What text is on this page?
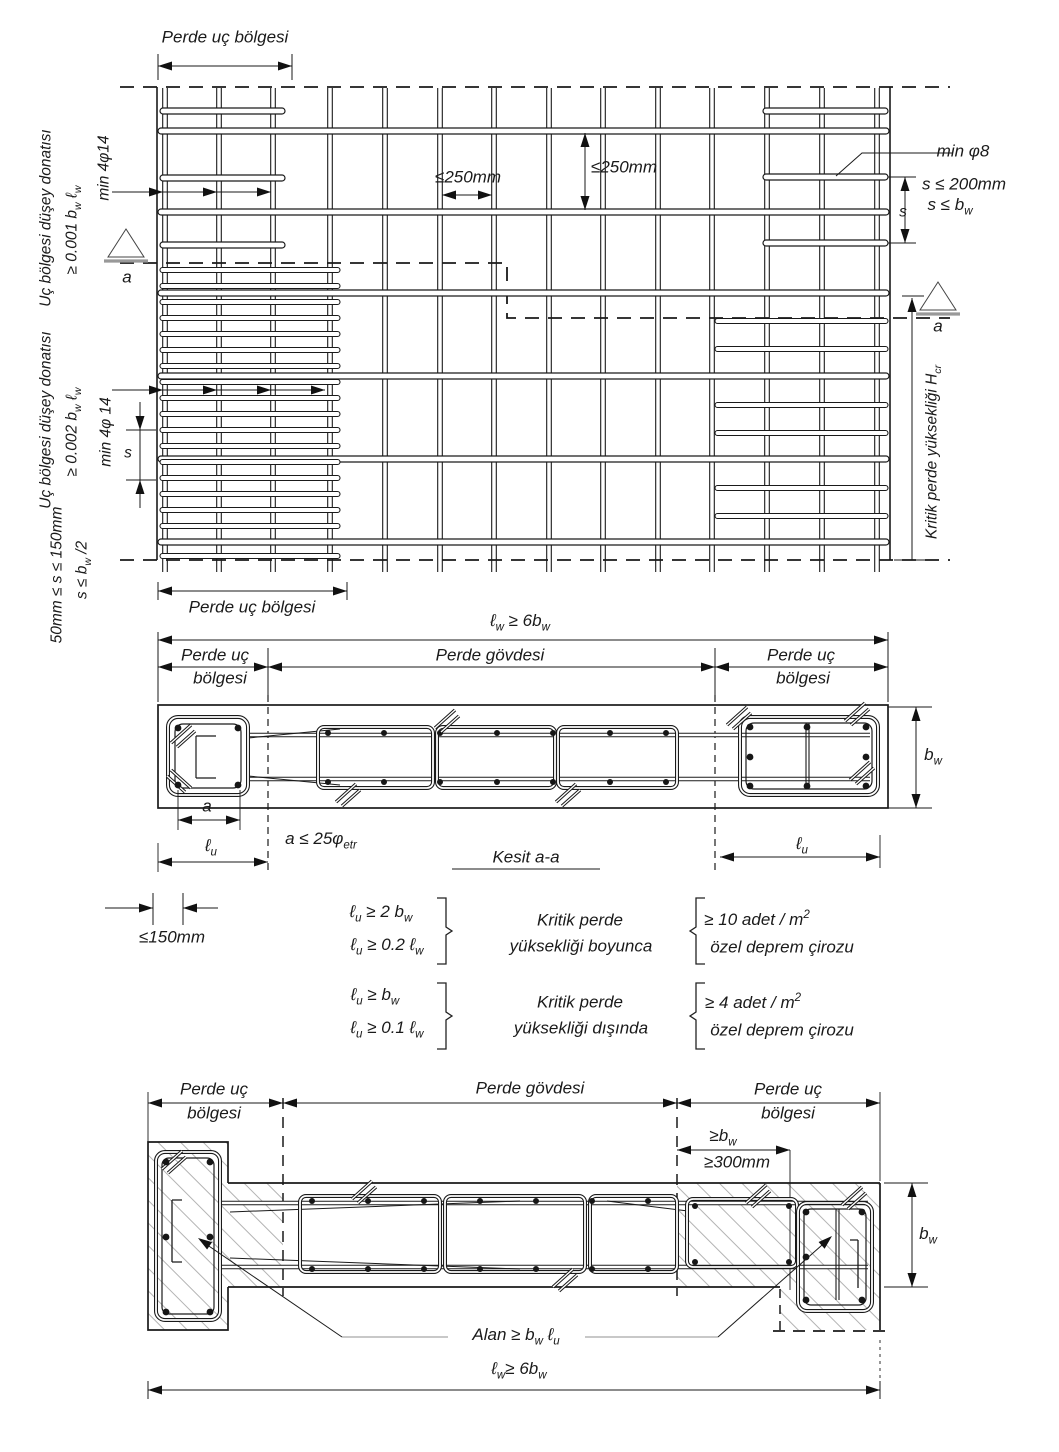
Perde uç bölgesi
Uç bölgesi düşey donatısı ≥ 0.001 $b_w$ ℓ$_w$ min 4φ14
Uç bölgesi düşey donatısı ≥ 0.002 $b_w$ ℓ$_w$
min 4φ 14
50mm ≤ s ≤ 150mm $s \le b_w$ /2
s
≤250mm
≤250mm
min φ8
s ≤ 200mm
$s \le b_w$
s
a
a
Kritik perde yüksekliği $H_{cr}$
Perde uç bölgesi
ℓ$_w$ ≥ $6b_w$
Perde uç
bölgesi
Perde gövdesi	Perde uç
bölgesi
a
ℓ$_u$
$a \le 25\varphi_{etr}$
Kesit a-a
ℓ$_u$
$b_w$
≤150mm
ℓ$_u$ ≥ 2 $b_w$
ℓ$_u$ ≥ 0.2 ℓ$_w$
Kritik perde
yüksekliği boyunca
≥ 10 adet / $m^2$
özel deprem çirozu
ℓ$_u$ ≥ $b_w$
ℓ$_u$ ≥ 0.1 ℓ$_w$
Kritik perde
yüksekliği dışında
≥ 4 adet / $m^2$
özel deprem çirozu
Perde uç
bölgesi
Perde gövdesi	Perde uç
bölgesi
$\ge b_w$
≥300mm
$b_w$
Alan ≥ $b_w$ ℓ$_u$
ℓ$_w$≥ $6b_w$
